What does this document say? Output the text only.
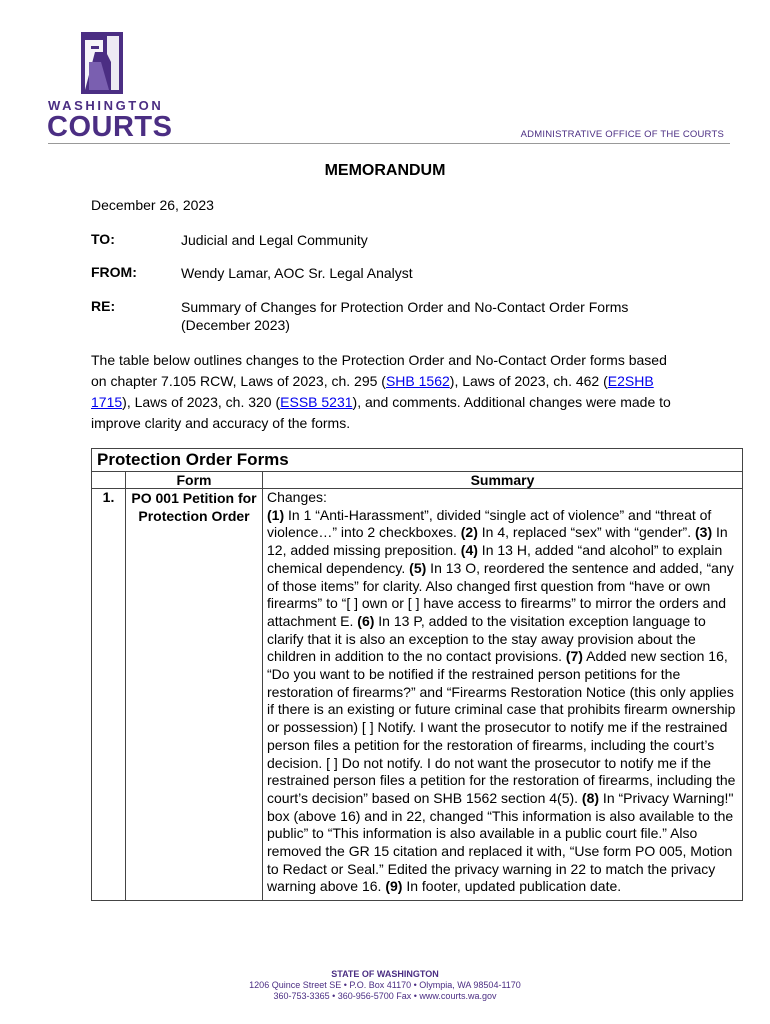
WASHINGTON
COURTS	ADMINISTRATIVE OFFICE OF THE COURTS
MEMORANDUM
December 26, 2023
TO:	Judicial and Legal Community
FROM:	Wendy Lamar, AOC Sr. Legal Analyst
RE:	Summary of Changes for Protection Order and No-Contact Order Forms
(December 2023)
The table below outlines changes to the Protection Order and No-Contact Order forms based on chapter 7.105 RCW, Laws of 2023, ch. 295 (SHB 1562), Laws of 2023, ch. 462 (E2SHB 1715), Laws of 2023, ch. 320 (ESSB 5231), and comments. Additional changes were made to improve clarity and accuracy of the forms.
Protection Order Forms		
	Form	Summary
1.	PO 001 Petition for Protection Order	Changes:
(1) In 1 “Anti-Harassment”, divided “single act of violence” and “threat of violence…” into 2 checkboxes. (2) In 4, replaced “sex” with “gender”. (3) In 12, added missing preposition. (4) In 13 H, added “and alcohol” to explain chemical dependency. (5) In 13 O, reordered the sentence and added, “any of those items” for clarity. Also changed first question from “have or own firearms” to “[ ] own or [ ] have access to firearms” to mirror the orders and attachment E. (6) In 13 P, added to the visitation exception language to clarify that it is also an exception to the stay away provision about the children in addition to the no contact provisions. (7) Added new section 16, “Do you want to be notified if the restrained person petitions for the restoration of firearms?” and “Firearms Restoration Notice (this only applies if there is an existing or future criminal case that prohibits firearm ownership or possession) [ ] Notify. I want the prosecutor to notify me if the restrained person files a petition for the restoration of firearms, including the court’s decision. [ ] Do not notify. I do not want the prosecutor to notify me if the restrained person files a petition for the restoration of firearms, including the court’s decision” based on SHB 1562 section 4(5). (8) In “Privacy Warning!" box (above 16) and in 22, changed “This information is also available to the public” to “This information is also available in a public court file.” Also removed the GR 15 citation and replaced it with, “Use form PO 005, Motion to Redact or Seal.” Edited the privacy warning in 22 to match the privacy warning above 16. (9) In footer, updated publication date.
STATE OF WASHINGTON
1206 Quince Street SE • P.O. Box 41170 • Olympia, WA 98504-1170
360-753-3365 • 360-956-5700 Fax • www.courts.wa.gov
